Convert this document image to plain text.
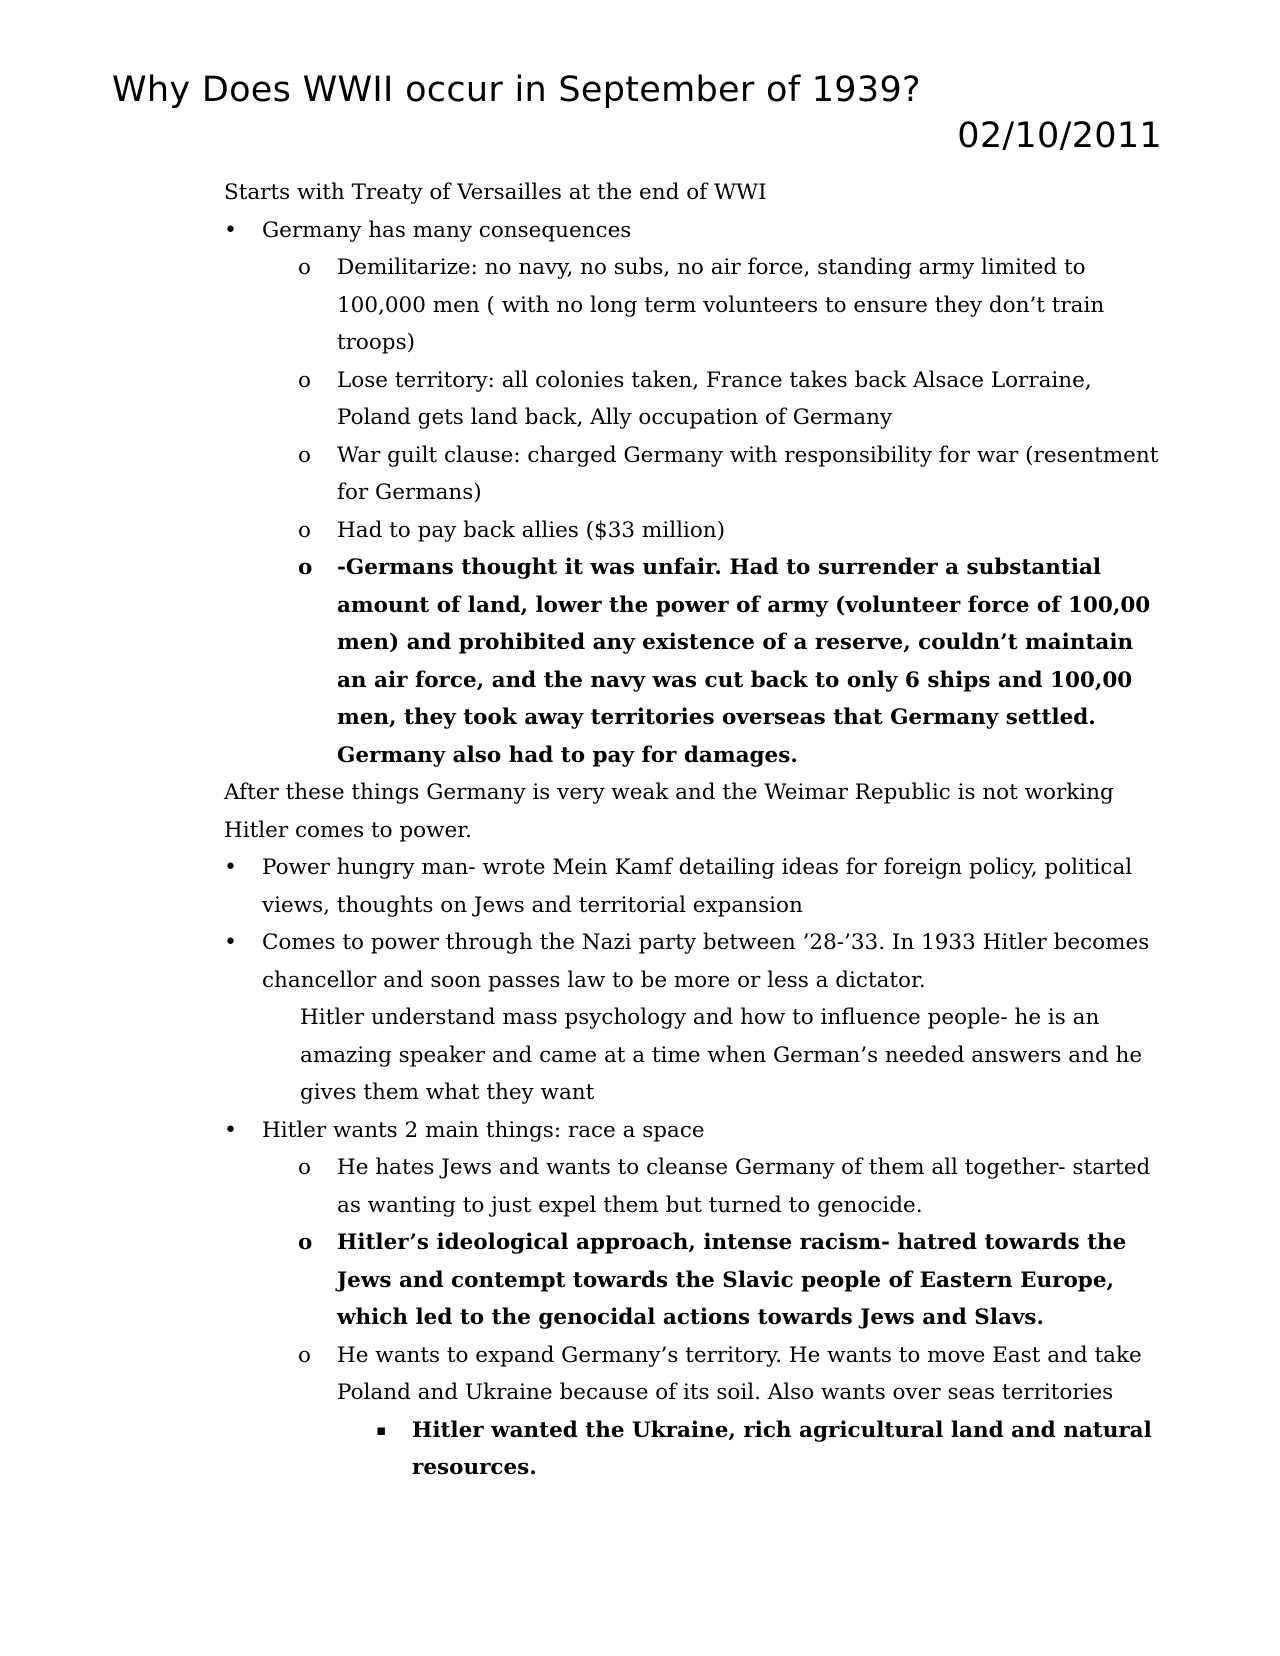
Why Does WWII occur in September of 1939?
02/10/2011
Starts with Treaty of Versailles at the end of WWI
• Germany has many consequences
o Demilitarize: no navy, no subs, no air force, standing army limited to 100,000 men ( with no long term volunteers to ensure they don’t train troops)
o Lose territory: all colonies taken, France takes back Alsace Lorraine, Poland gets land back, Ally occupation of Germany
o War guilt clause: charged Germany with responsibility for war (resentment for Germans)
o Had to pay back allies ($33 million)
o -Germans thought it was unfair. Had to surrender a substantial amount of land, lower the power of army (volunteer force of 100,00 men) and prohibited any existence of a reserve, couldn’t maintain an air force, and the navy was cut back to only 6 ships and 100,00 men, they took away territories overseas that Germany settled. Germany also had to pay for damages.
After these things Germany is very weak and the Weimar Republic is not working
Hitler comes to power.
• Power hungry man- wrote Mein Kamf detailing ideas for foreign policy, political views, thoughts on Jews and territorial expansion
• Comes to power through the Nazi party between ’28-’33. In 1933 Hitler becomes chancellor and soon passes law to be more or less a dictator.
Hitler understand mass psychology and how to influence people- he is an amazing speaker and came at a time when German’s needed answers and he gives them what they want
• Hitler wants 2 main things: race a space
o He hates Jews and wants to cleanse Germany of them all together- started as wanting to just expel them but turned to genocide.
o Hitler’s ideological approach, intense racism- hatred towards the Jews and contempt towards the Slavic people of Eastern Europe, which led to the genocidal actions towards Jews and Slavs.
o He wants to expand Germany’s territory. He wants to move East and take Poland and Ukraine because of its soil. Also wants over seas territories
▪ Hitler wanted the Ukraine, rich agricultural land and natural resources.
